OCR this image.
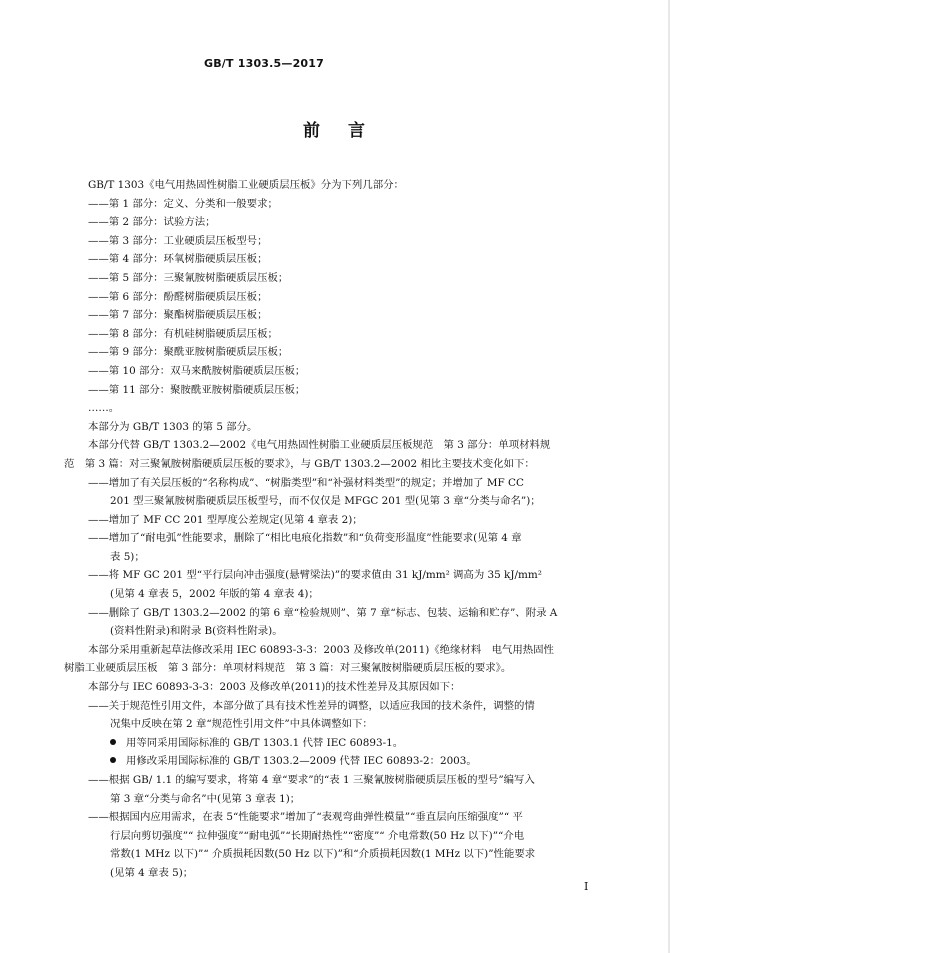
GB/T 1303.5—2017
前言
GB/T 1303《电气用热固性树脂工业硬质层压板》分为下列几部分：
——第 1 部分：定义、分类和一般要求；
——第 2 部分：试验方法；
——第 3 部分：工业硬质层压板型号；
——第 4 部分：环氧树脂硬质层压板；
——第 5 部分：三聚氰胺树脂硬质层压板；
——第 6 部分：酚醛树脂硬质层压板；
——第 7 部分：聚酯树脂硬质层压板；
——第 8 部分：有机硅树脂硬质层压板；
——第 9 部分：聚酰亚胺树脂硬质层压板；
——第 10 部分：双马来酰胺树脂硬质层压板；
——第 11 部分：聚胺酰亚胺树脂硬质层压板；
……。
本部分为 GB/T 1303 的第 5 部分。
本部分代替 GB/T 1303.2—2002《电气用热固性树脂工业硬质层压板规范　第 3 部分：单项材料规
范　第 3 篇：对三聚氰胺树脂硬质层压板的要求》，与 GB/T 1303.2—2002 相比主要技术变化如下：
——增加了有关层压板的“名称构成”、“树脂类型”和“补强材料类型”的规定；并增加了 MF CC
201 型三聚氰胺树脂硬质层压板型号，而不仅仅是 MFGC 201 型(见第 3 章“分类与命名”)；
——增加了 MF CC 201 型厚度公差规定(见第 4 章表 2)；
——增加了“耐电弧”性能要求，删除了“相比电痕化指数”和“负荷变形温度”性能要求(见第 4 章
表 5)；
——将 MF GC 201 型“平行层向冲击强度(悬臂梁法)”的要求值由 31 kJ/mm² 调高为 35 kJ/mm²
(见第 4 章表 5，2002 年版的第 4 章表 4)；
——删除了 GB/T 1303.2—2002 的第 6 章“检验规则”、第 7 章“标志、包装、运输和贮存”、附录 A
(资料性附录)和附录 B(资料性附录)。
本部分采用重新起草法修改采用 IEC 60893-3-3：2003 及修改单(2011)《绝缘材料　电气用热固性
树脂工业硬质层压板　第 3 部分：单项材料规范　第 3 篇：对三聚氰胺树脂硬质层压板的要求》。
本部分与 IEC 60893-3-3：2003 及修改单(2011)的技术性差异及其原因如下：
——关于规范性引用文件，本部分做了具有技术性差异的调整，以适应我国的技术条件，调整的情
况集中反映在第 2 章“规范性引用文件”中具体调整如下：
用等同采用国际标准的 GB/T 1303.1 代替 IEC 60893-1。
用修改采用国际标准的 GB/T 1303.2—2009 代替 IEC 60893-2：2003。
——根据 GB/ 1.1 的编写要求，将第 4 章“要求”的“表 1 三聚氰胺树脂硬质层压板的型号”编写入
第 3 章“分类与命名”中(见第 3 章表 1)；
——根据国内应用需求，在表 5“性能要求”增加了“表观弯曲弹性模量”“垂直层向压缩强度”“ 平
行层向剪切强度”“ 拉伸强度”“耐电弧”“长期耐热性”“密度”“ 介电常数(50 Hz 以下)”“介电
常数(1 MHz 以下)”“ 介质损耗因数(50 Hz 以下)”和“介质损耗因数(1 MHz 以下)”性能要求
(见第 4 章表 5)；
I
